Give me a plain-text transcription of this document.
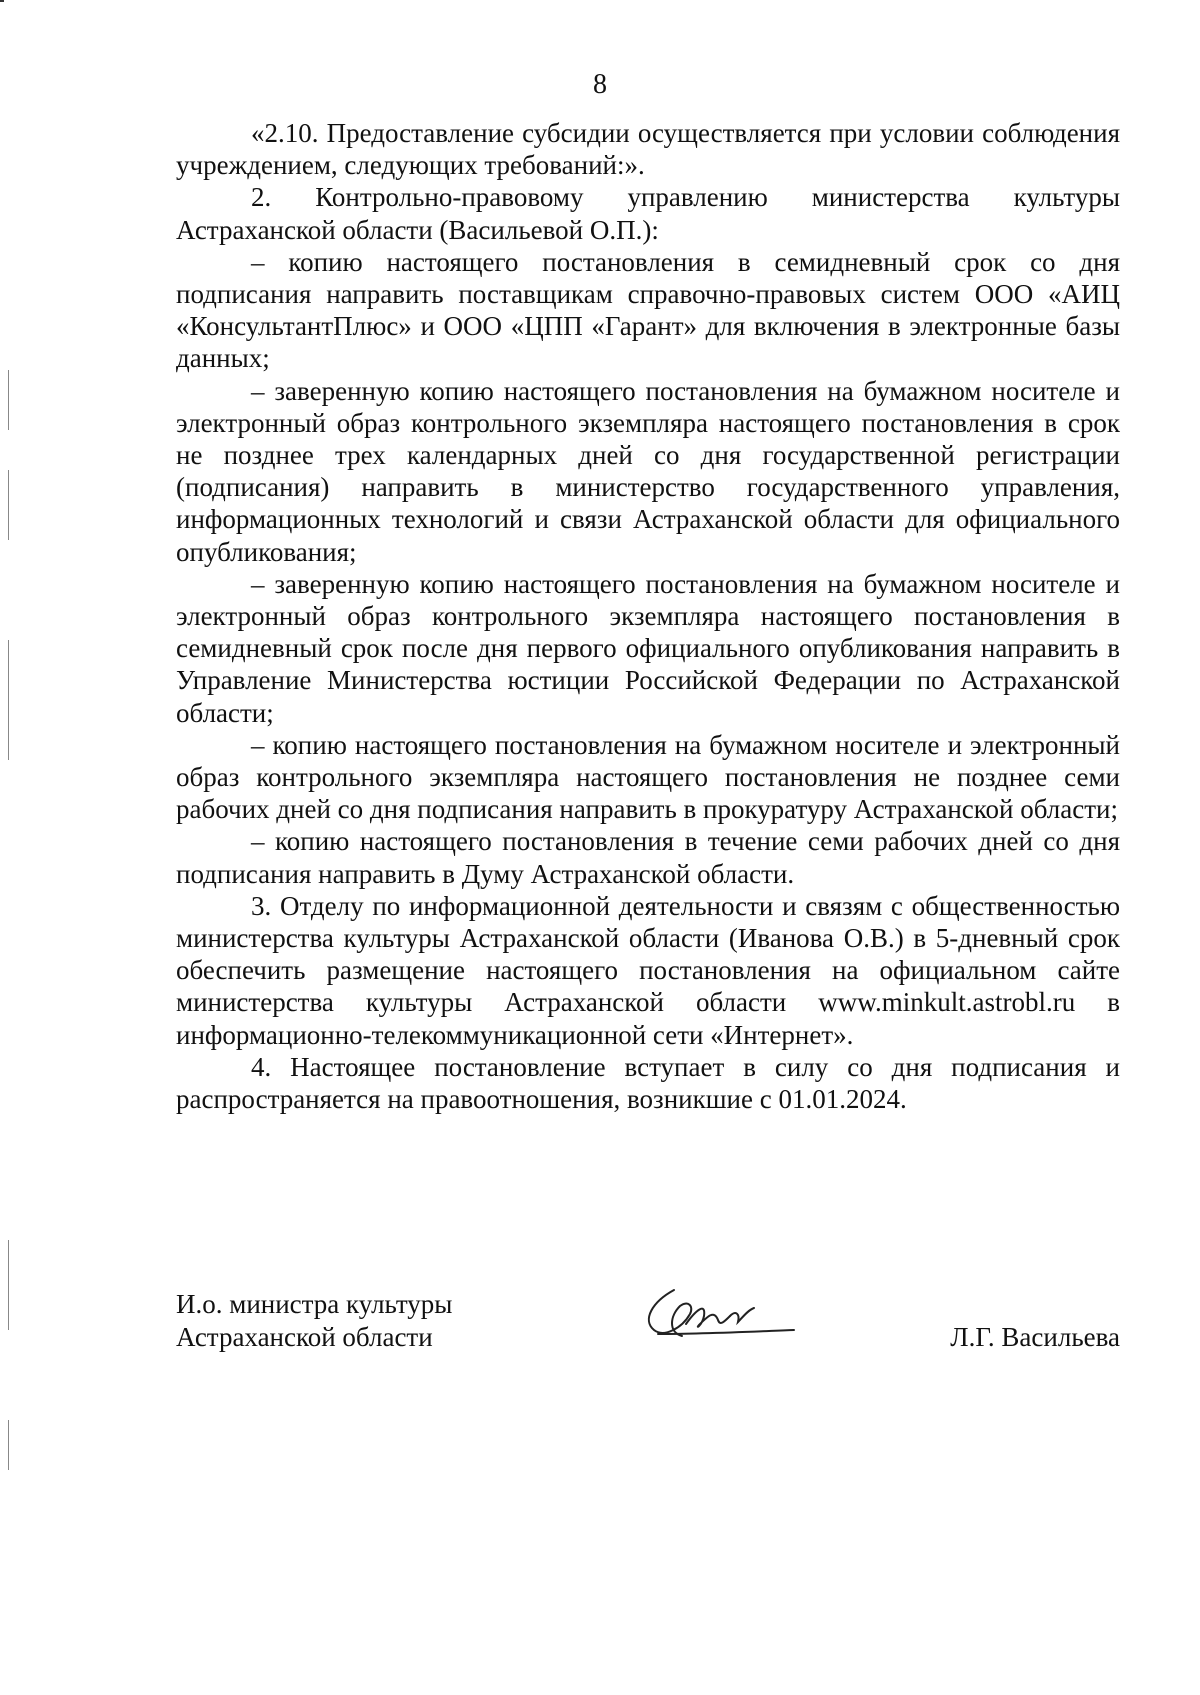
8

«2.10. Предоставление субсидии осуществляется при условии соблюдения учреждением, следующих требований:».

2. Контрольно-правовому управлению министерства культуры Астраханской области (Васильевой О.П.):

– копию настоящего постановления в семидневный срок со дня подписания направить поставщикам справочно-правовых систем ООО «АИЦ «КонсультантПлюс» и ООО «ЦПП «Гарант» для включения в электронные базы данных;

– заверенную копию настоящего постановления на бумажном носителе и электронный образ контрольного экземпляра настоящего постановления в срок не позднее трех календарных дней со дня государственной регистрации (подписания) направить в министерство государственного управления, информационных технологий и связи Астраханской области для официального опубликования;

– заверенную копию настоящего постановления на бумажном носителе и электронный образ контрольного экземпляра настоящего постановления в семидневный срок после дня первого официального опубликования направить в Управление Министерства юстиции Российской Федерации по Астраханской области;

– копию настоящего постановления на бумажном носителе и электронный образ контрольного экземпляра настоящего постановления не позднее семи рабочих дней со дня подписания направить в прокуратуру Астраханской области;

– копию настоящего постановления в течение семи рабочих дней со дня подписания направить в Думу Астраханской области.

3. Отделу по информационной деятельности и связям с общественностью министерства культуры Астраханской области (Иванова О.В.) в 5-дневный срок обеспечить размещение настоящего постановления на официальном сайте министерства культуры Астраханской области www.minkult.astrobl.ru в информационно-телекоммуникационной сети «Интернет».

4. Настоящее постановление вступает в силу со дня подписания и распространяется на правоотношения, возникшие с 01.01.2024.

И.о. министра культуры
Астраханской области	Л.Г. Васильева
